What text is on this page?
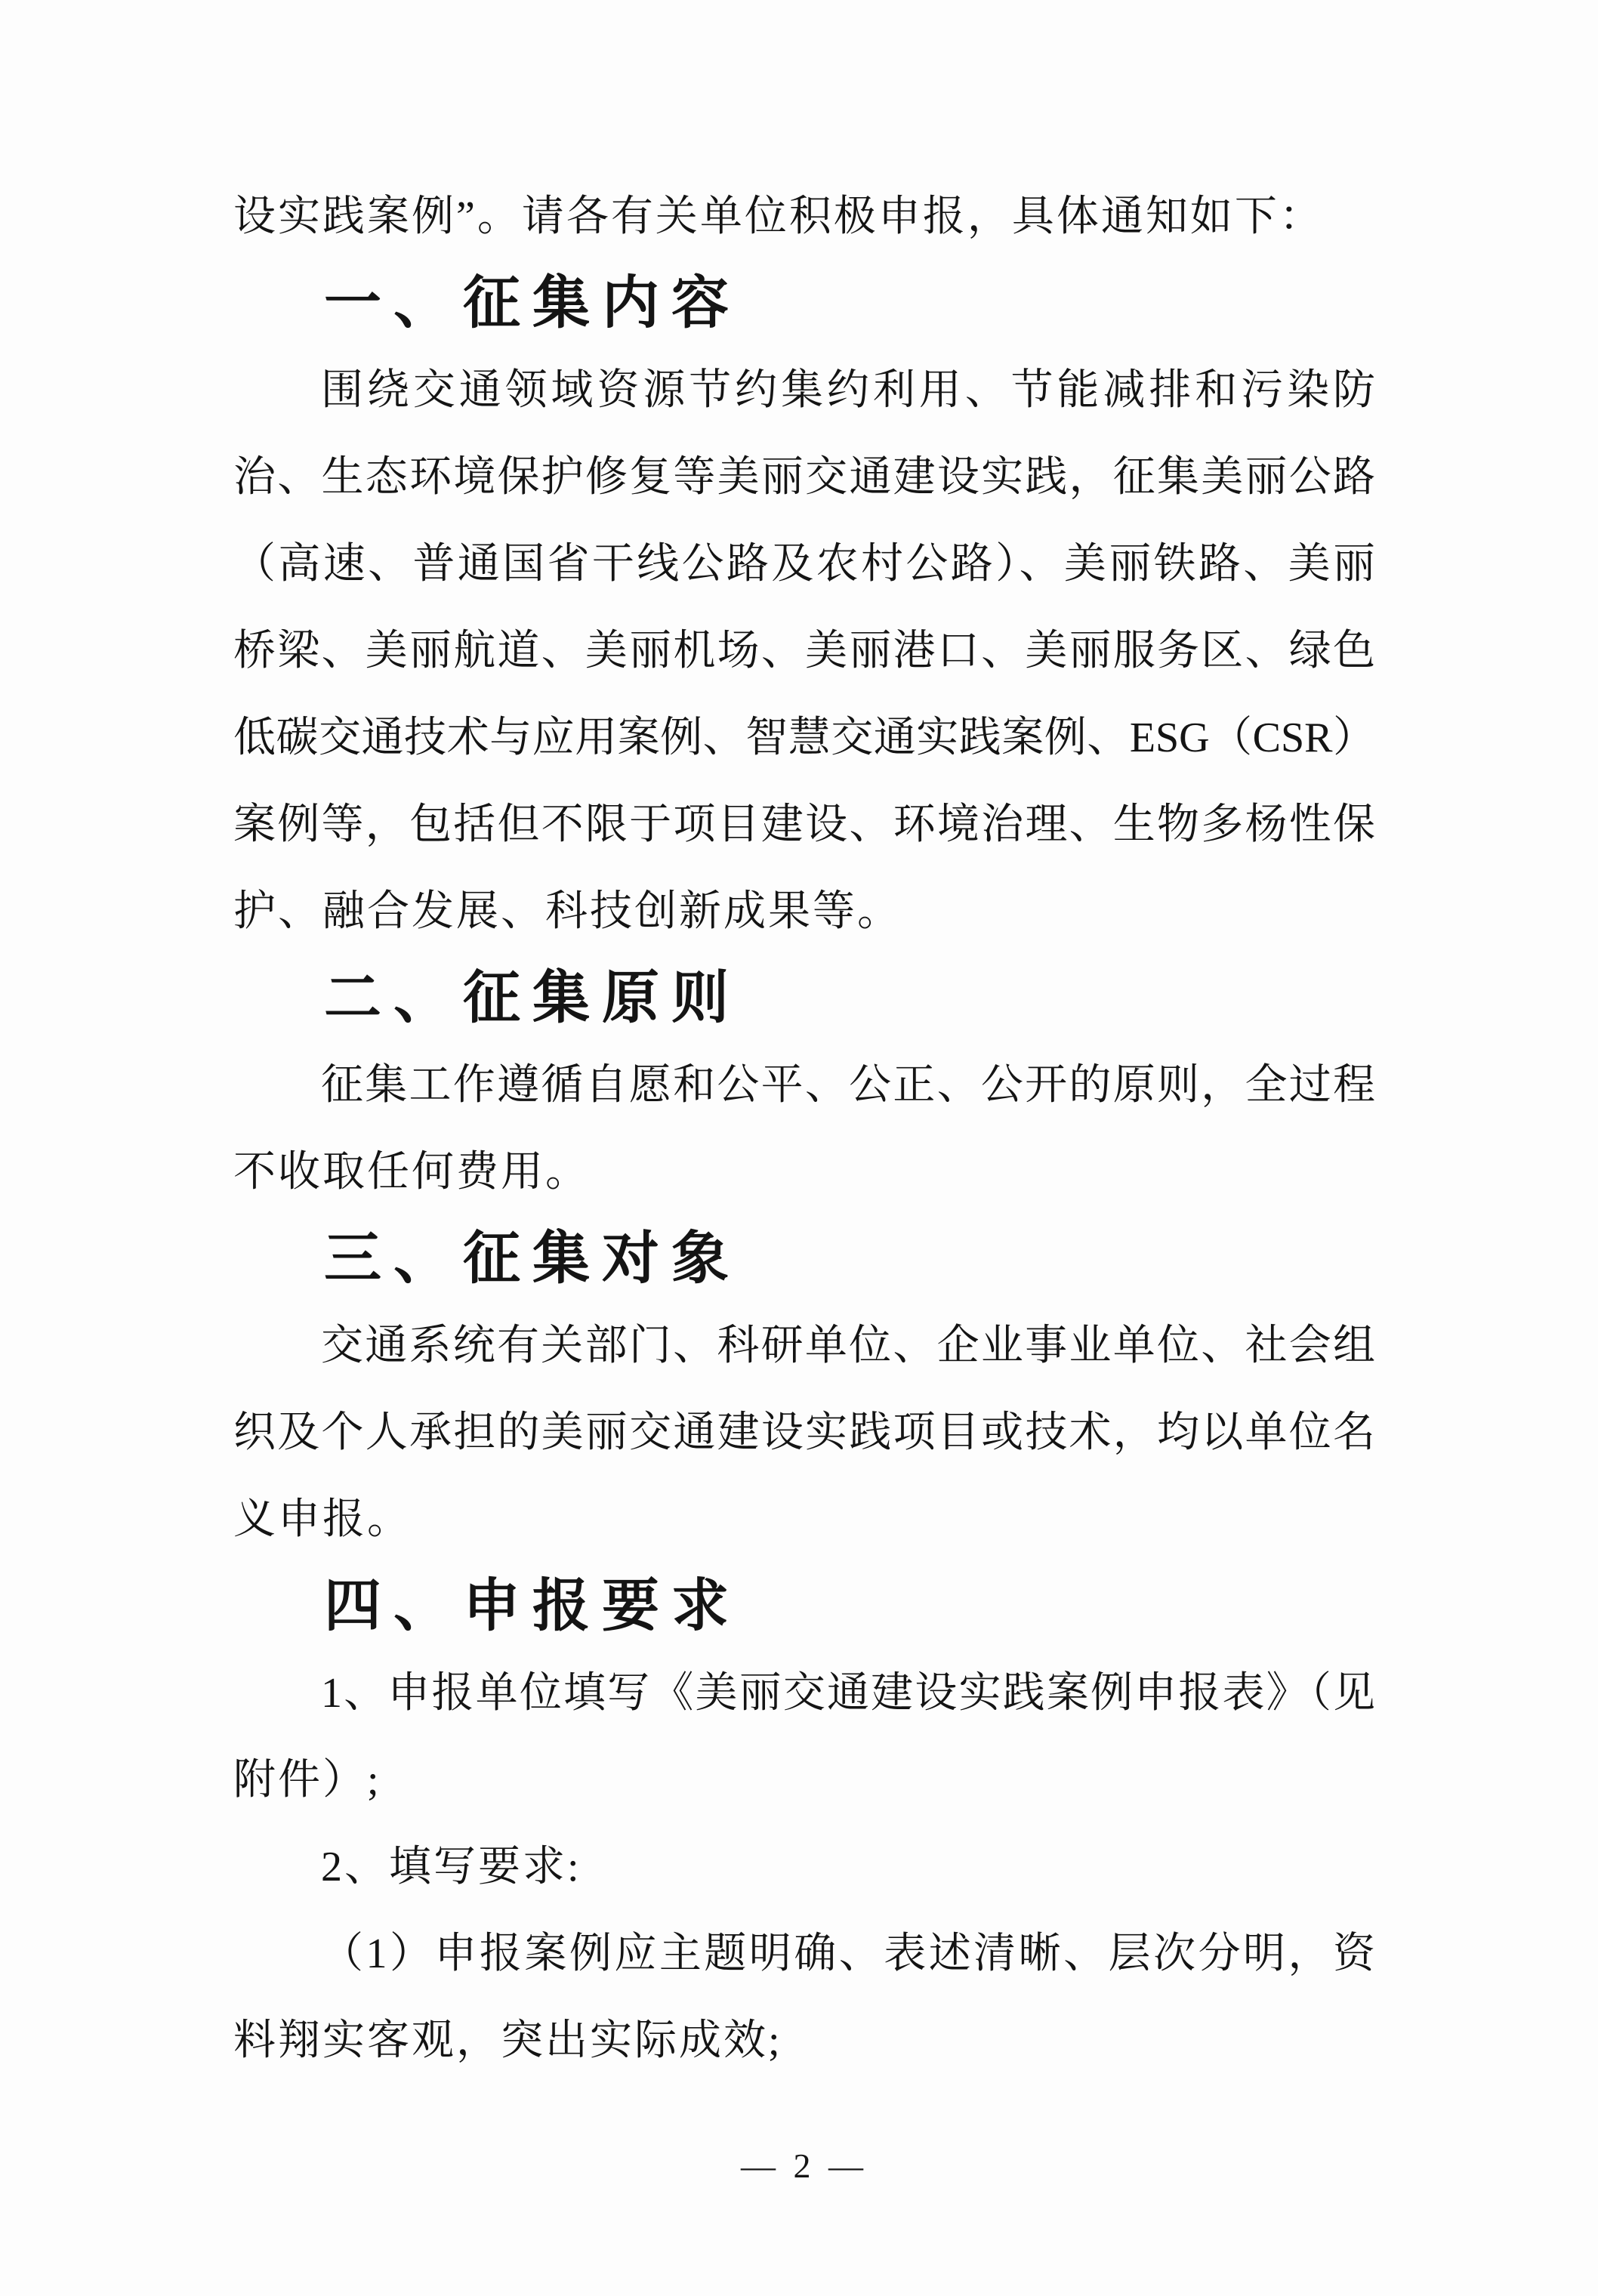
设实践案例”。请各有关单位积极申报，具体通知如下：
一、征集内容
围绕交通领域资源节约集约利用、节能减排和污染防
治、生态环境保护修复等美丽交通建设实践，征集美丽公路
（高速、普通国省干线公路及农村公路）、美丽铁路、美丽
桥梁、美丽航道、美丽机场、美丽港口、美丽服务区、绿色
低碳交通技术与应用案例、智慧交通实践案例、ESG（CSR）
案例等，包括但不限于项目建设、环境治理、生物多杨性保
护、融合发展、科技创新成果等。
二、征集原则
征集工作遵循自愿和公平、公正、公开的原则，全过程
不收取任何费用。
三、征集对象
交通系统有关部门、科研单位、企业事业单位、社会组
织及个人承担的美丽交通建设实践项目或技术，均以单位名
义申报。
四、申报要求
1、申报单位填写《美丽交通建设实践案例申报表》（见
附件）;
2、填写要求:
（1）申报案例应主题明确、表述清晰、层次分明，资
料翔实客观，突出实际成效;
— 2 —
